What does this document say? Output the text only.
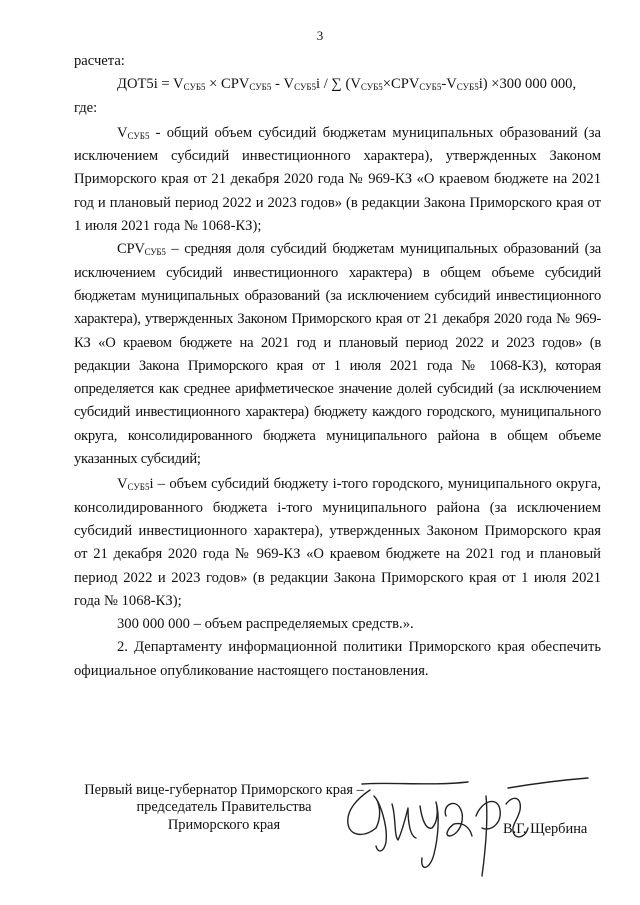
3

расчета:

$ДОТ5i = V_{СУБ5} \times CPV_{СУБ5} - V_{СУБ5}i$ / ∑ $(V_{СУБ5}\times CPV_{СУБ5}-V_{СУБ5}i) \times 300$ 000 000,

где:

$V_{СУБ5}$ - общий объем субсидий бюджетам муниципальных образований (за исключением субсидий инвестиционного характера), утвержденных Законом Приморского края от 21 декабря 2020 года № 969-КЗ «О краевом бюджете на 2021 год и плановый период 2022 и 2023 годов» (в редакции Закона Приморского края от 1 июля 2021 года № 1068-КЗ);

$CPV_{СУБ5}$ – средняя доля субсидий бюджетам муниципальных образований (за исключением субсидий инвестиционного характера) в общем объеме субсидий бюджетам муниципальных образований (за исключением субсидий инвестиционного характера), утвержденных Законом Приморского края от 21 декабря 2020 года № 969-КЗ «О краевом бюджете на 2021 год и плановый период 2022 и 2023 годов» (в редакции Закона Приморского края от 1 июля 2021 года № 1068-КЗ), которая определяется как среднее арифметическое значение долей субсидий (за исключением субсидий инвестиционного характера) бюджету каждого городского, муниципального округа, консолидированного бюджета муниципального района в общем объеме указанных субсидий;

$V_{СУБ5}i$ – объем субсидий бюджету i-того городского, муниципального округа, консолидированного бюджета i-того муниципального района (за исключением субсидий инвестиционного характера), утвержденных Законом Приморского края от 21 декабря 2020 года № 969-КЗ «О краевом бюджете на 2021 год и плановый период 2022 и 2023 годов» (в редакции Закона Приморского края от 1 июля 2021 года № 1068-КЗ);

300 000 000 – объем распределяемых средств.».

2. Департаменту информационной политики Приморского края обеспечить официальное опубликование настоящего постановления.

Первый вице-губернатор Приморского края –
председатель Правительства
Приморского края	В.Г. Щербина
